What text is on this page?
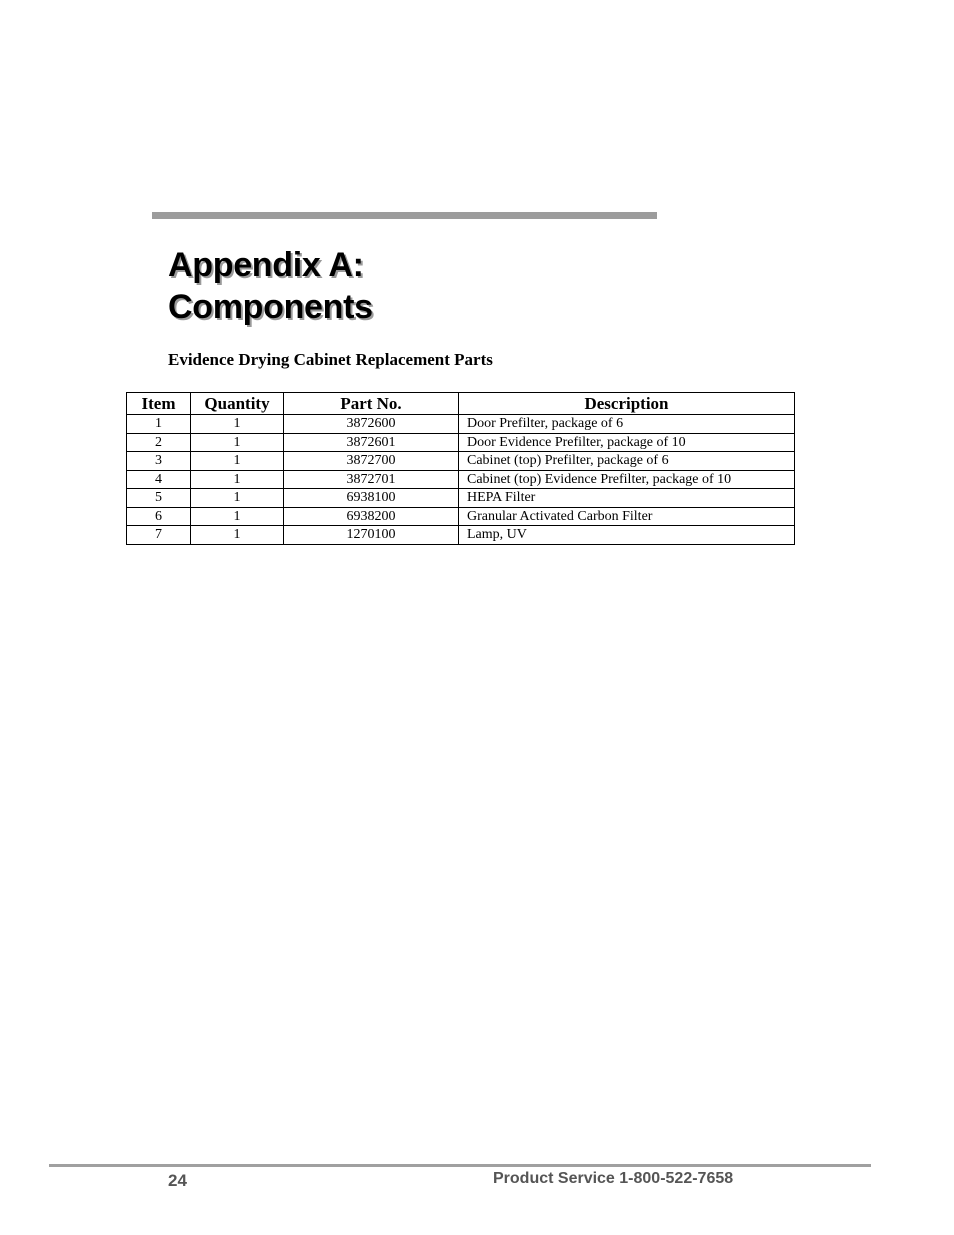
Appendix A:
Components

Evidence Drying Cabinet Replacement Parts

Item	Quantity	Part No.	Description
1	1	3872600	Door Prefilter, package of 6
2	1	3872601	Door Evidence Prefilter, package of 10
3	1	3872700	Cabinet (top) Prefilter, package of 6
4	1	3872701	Cabinet (top) Evidence Prefilter, package of 10
5	1	6938100	HEPA Filter
6	1	6938200	Granular Activated Carbon Filter
7	1	1270100	Lamp, UV
24	Product Service 1-800-522-7658
